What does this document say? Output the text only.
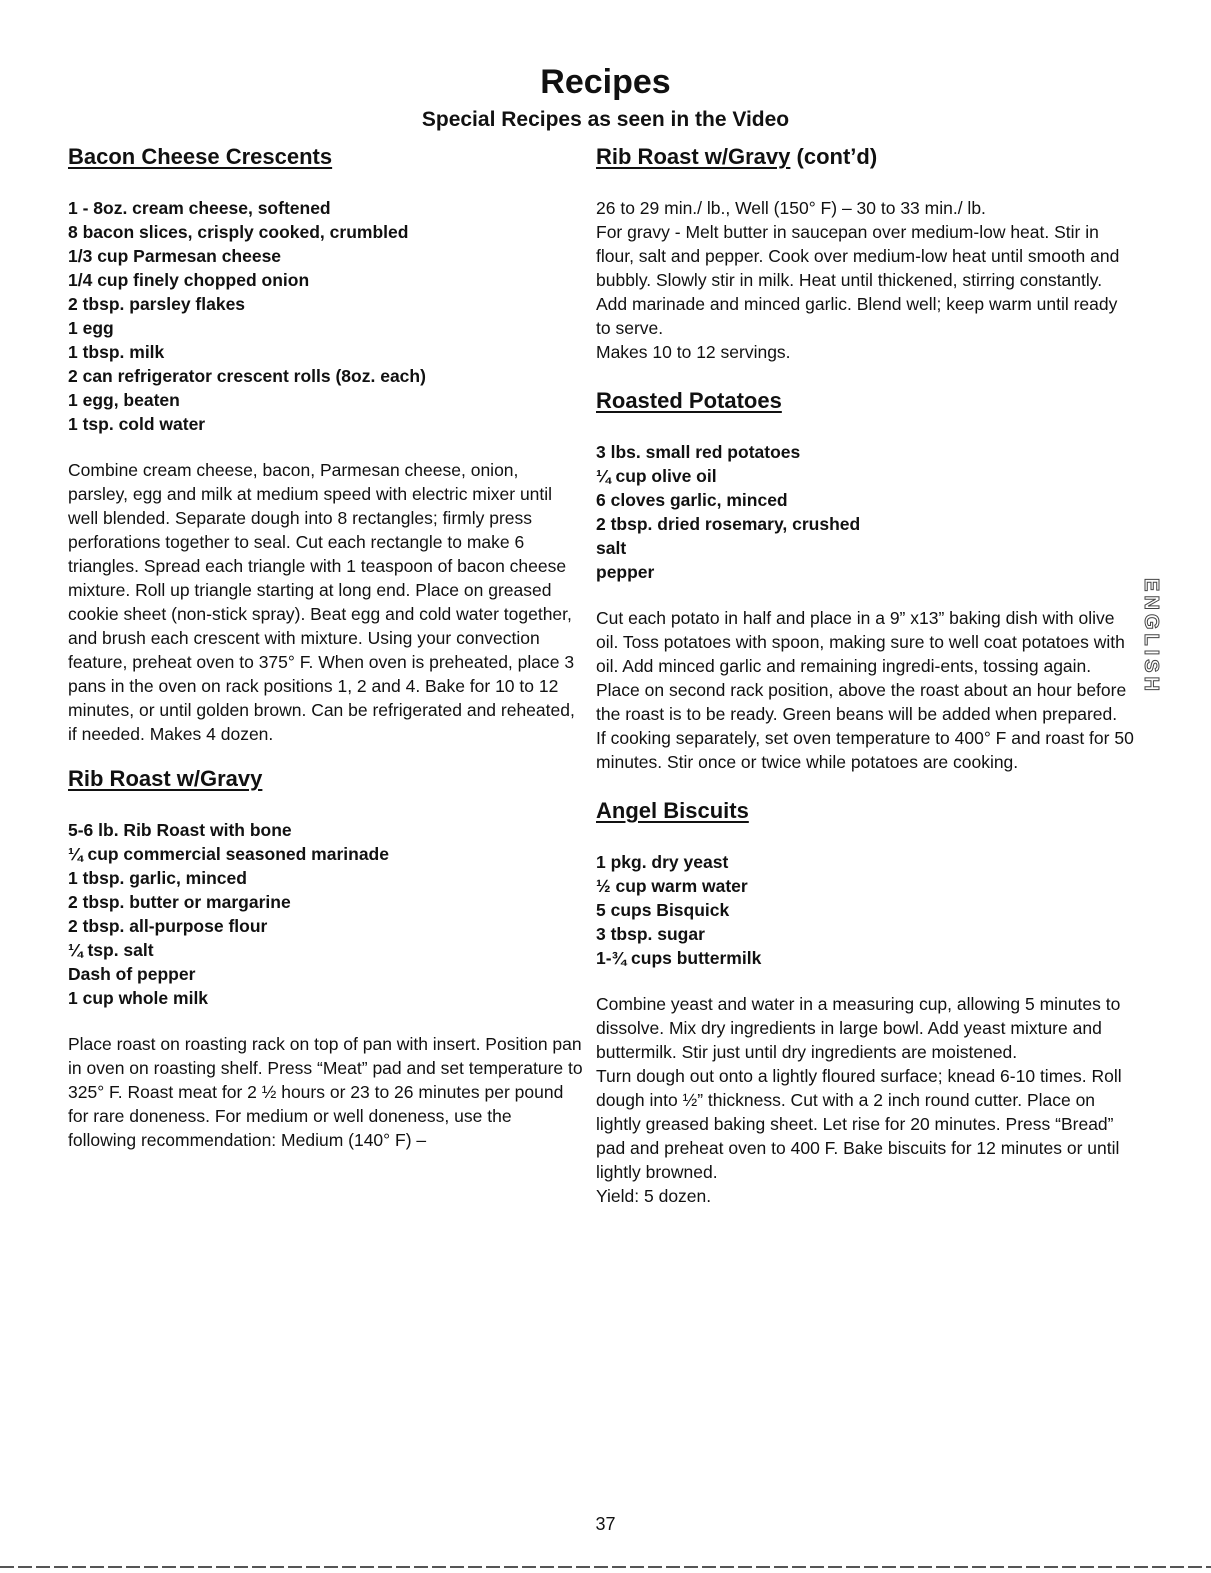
Recipes
Special Recipes as seen in the Video
Bacon Cheese Crescents
1 - 8oz. cream cheese, softened
8 bacon slices, crisply cooked, crumbled
1/3 cup Parmesan cheese
1/4 cup finely chopped onion
2 tbsp. parsley flakes
1 egg
1 tbsp. milk
2 can refrigerator crescent rolls (8oz. each)
1 egg, beaten
1 tsp. cold water

Combine cream cheese, bacon, Parmesan cheese, onion, parsley, egg and milk at medium speed with electric mixer until well blended. Separate dough into 8 rectangles; firmly press perforations together to seal. Cut each rectangle to make 6 triangles. Spread each triangle with 1 teaspoon of bacon cheese mixture. Roll up triangle starting at long end. Place on greased cookie sheet (non-stick spray). Beat egg and cold water together, and brush each crescent with mixture. Using your convection feature, preheat oven to 375° F. When oven is preheated, place 3 pans in the oven on rack positions 1, 2 and 4. Bake for 10 to 12 minutes, or until golden brown. Can be refrigerated and reheated, if needed. Makes 4 dozen.

Rib Roast w/Gravy
5-6 lb. Rib Roast with bone
¼ cup commercial seasoned marinade
1 tbsp. garlic, minced
2 tbsp. butter or margarine
2 tbsp. all-purpose flour
¼ tsp. salt
Dash of pepper
1 cup whole milk

Place roast on roasting rack on top of pan with insert. Position pan in oven on roasting shelf. Press “Meat” pad and set temperature to 325° F. Roast meat for 2 ½ hours or 23 to 26 minutes per pound for rare doneness. For medium or well doneness, use the following recommendation: Medium (140° F) –

Rib Roast w/Gravy (cont’d)

26 to 29 min./ lb., Well (150° F) – 30 to 33 min./ lb.

For gravy - Melt butter in saucepan over medium-low heat. Stir in flour, salt and pepper. Cook over medium-low heat until smooth and bubbly. Slowly stir in milk. Heat until thickened, stirring constantly. Add marinade and minced garlic. Blend well; keep warm until ready to serve.

Makes 10 to 12 servings.

Roasted Potatoes
3 lbs. small red potatoes
¼ cup olive oil
6 cloves garlic, minced
2 tbsp. dried rosemary, crushed
salt
pepper

Cut each potato in half and place in a 9” x13” baking dish with olive oil. Toss potatoes with spoon, making sure to well coat potatoes with oil. Add minced garlic and remaining ingredi-ents, tossing again. Place on second rack position, above the roast about an hour before the roast is to be ready. Green beans will be added when prepared.

If cooking separately, set oven temperature to 400° F and roast for 50 minutes. Stir once or twice while potatoes are cooking.

Angel Biscuits
1 pkg. dry yeast
½ cup warm water
5 cups Bisquick
3 tbsp. sugar
1-¾ cups buttermilk

Combine yeast and water in a measuring cup, allowing 5 minutes to dissolve. Mix dry ingredients in large bowl. Add yeast mixture and buttermilk. Stir just until dry ingredients are moistened.

Turn dough out onto a lightly floured surface; knead 6-10 times. Roll dough into ½” thickness. Cut with a 2 inch round cutter. Place on lightly greased baking sheet. Let rise for 20 minutes. Press “Bread” pad and preheat oven to 400 F. Bake biscuits for 12 minutes or until lightly browned.

Yield: 5 dozen.

ENGLISH
37
